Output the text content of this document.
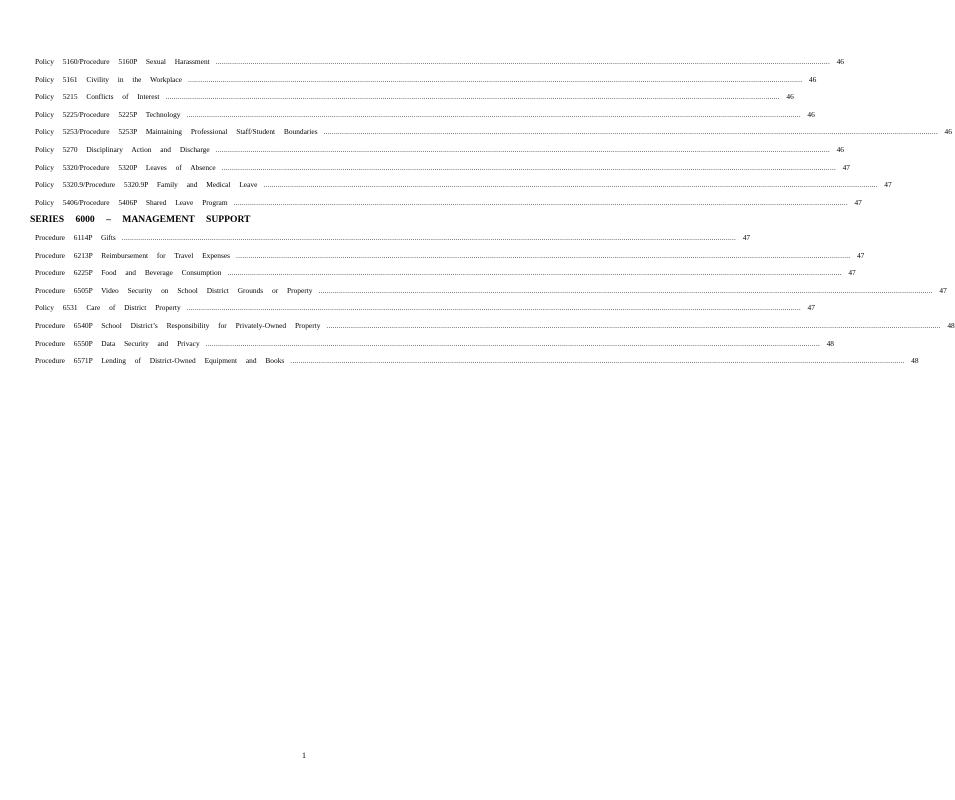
Policy 5160/Procedure 5160P Sexual Harassment ............................................................................................................................................................................................................................................................................................................ 46
Policy 5161 Civility in the Workplace ............................................................................................................................................................................................................................................................................................................ 46
Policy 5215 Conflicts of Interest ............................................................................................................................................................................................................................................................................................................ 46
Policy 5225/Procedure 5225P Technology ............................................................................................................................................................................................................................................................................................................ 46
Policy 5253/Procedure 5253P Maintaining Professional Staff/Student Boundaries ............................................................................................................................................................................................................................................................................................................ 46
Policy 5270 Disciplinary Action and Discharge ............................................................................................................................................................................................................................................................................................................ 46
Policy 5320/Procedure 5320P Leaves of Absence ............................................................................................................................................................................................................................................................................................................ 47
Policy 5320.9/Procedure 5320.9P Family and Medical Leave ............................................................................................................................................................................................................................................................................................................ 47
Policy 5406/Procedure 5406P Shared Leave Program ............................................................................................................................................................................................................................................................................................................ 47
SERIES 6000 – MANAGEMENT SUPPORT
Procedure 6114P Gifts ............................................................................................................................................................................................................................................................................................................ 47
Procedure 6213P Reimbursement for Travel Expenses ............................................................................................................................................................................................................................................................................................................ 47
Procedure 6225P Food and Beverage Consumption ............................................................................................................................................................................................................................................................................................................ 47
Procedure 6505P Video Security on School District Grounds or Property ............................................................................................................................................................................................................................................................................................................ 47
Policy 6531 Care of District Property ............................................................................................................................................................................................................................................................................................................ 47
Procedure 6540P School District’s Responsibility for Privately-Owned Property ............................................................................................................................................................................................................................................................................................................ 48
Procedure 6550P Data Security and Privacy ............................................................................................................................................................................................................................................................................................................ 48
Procedure 6571P Lending of District-Owned Equipment and Books ............................................................................................................................................................................................................................................................................................................ 48
1
